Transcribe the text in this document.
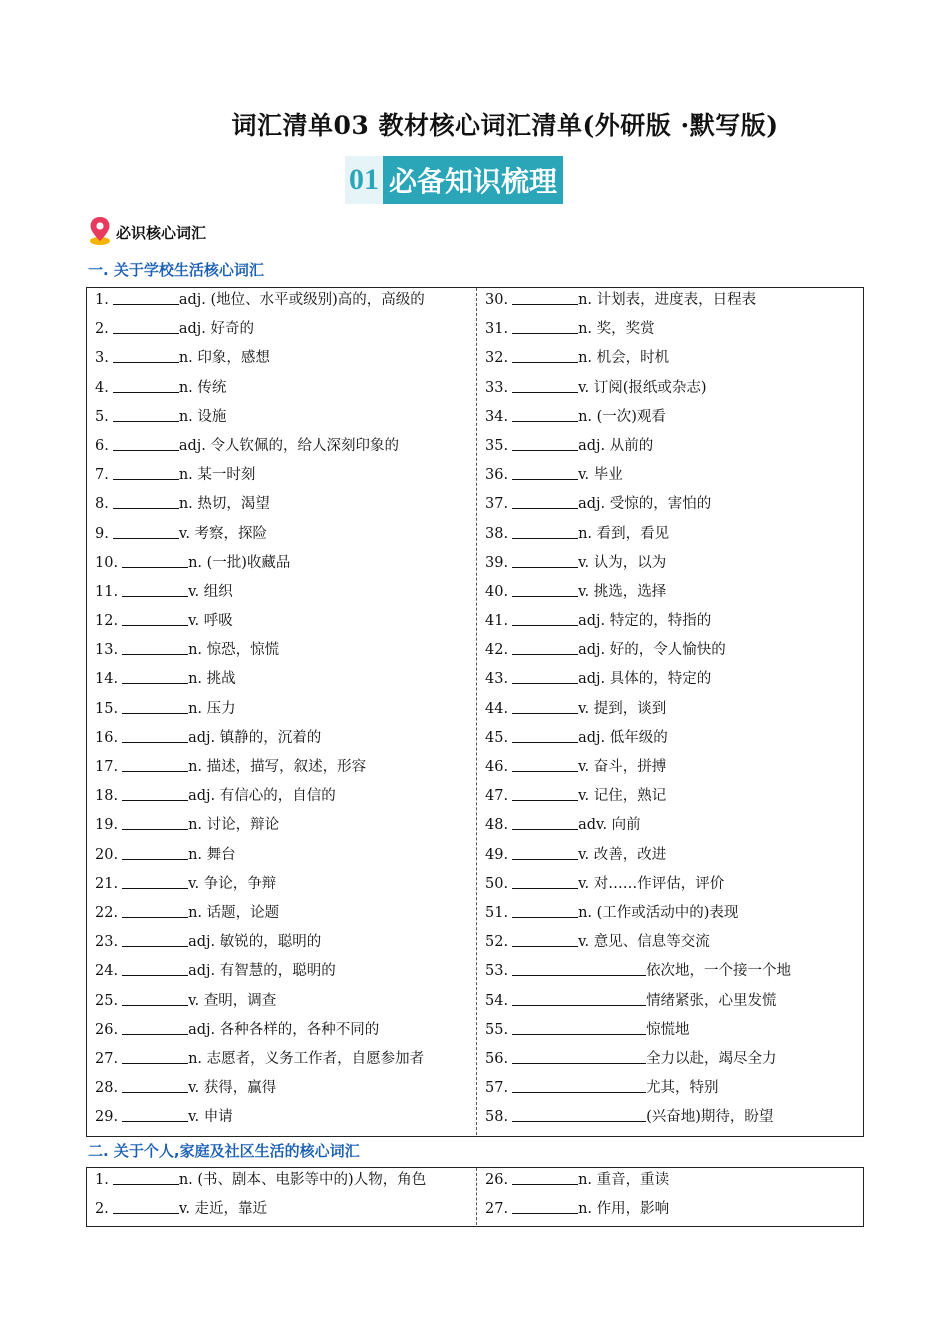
词汇清单03 教材核心词汇清单(外研版 ·默写版)
01 必备知识梳理
必识核心词汇
一. 关于学校生活核心词汇
1.	adj. (地位、水平或级别)高的，高级的
2.	adj. 好奇的
3.	n. 印象，感想
4.	n. 传统
5.	n. 设施
6.	adj. 令人钦佩的，给人深刻印象的
7.	n. 某一时刻
8.	n. 热切，渴望
9.	v. 考察，探险
10.	n. (一批)收藏品
11.	v. 组织
12.	v. 呼吸
13.	n. 惊恐，惊慌
14.	n. 挑战
15.	n. 压力
16.	adj. 镇静的，沉着的
17.	n. 描述，描写，叙述，形容
18.	adj. 有信心的，自信的
19.	n. 讨论，辩论
20.	n. 舞台
21.	v. 争论，争辩
22.	n. 话题，论题
23.	adj. 敏锐的，聪明的
24.	adj. 有智慧的，聪明的
25.	v. 查明，调查
26.	adj. 各种各样的，各种不同的
27.	n. 志愿者，义务工作者，自愿参加者
28.	v. 获得，赢得
29.	v. 申请
30.	n. 计划表，进度表，日程表
31.	n. 奖，奖赏
32.	n. 机会，时机
33.	v. 订阅(报纸或杂志)
34.	n. (一次)观看
35.	adj. 从前的
36.	v. 毕业
37.	adj. 受惊的，害怕的
38.	n. 看到，看见
39.	v. 认为，以为
40.	v. 挑选，选择
41.	adj. 特定的，特指的
42.	adj. 好的，令人愉快的
43.	adj. 具体的，特定的
44.	v. 提到，谈到
45.	adj. 低年级的
46.	v. 奋斗，拼搏
47.	v. 记住，熟记
48.	adv. 向前
49.	v. 改善，改进
50.	v. 对……作评估，评价
51.	n. (工作或活动中的)表现
52.	v. 意见、信息等交流
53.	依次地，一个接一个地
54.	情绪紧张，心里发慌
55.	惊慌地
56.	全力以赴，竭尽全力
57.	尤其，特别
58.	(兴奋地)期待，盼望
二. 关于个人,家庭及社区生活的核心词汇
1.	n. (书、剧本、电影等中的)人物，角色
2.	v. 走近，靠近
26.	n. 重音，重读
27.	n. 作用，影响
